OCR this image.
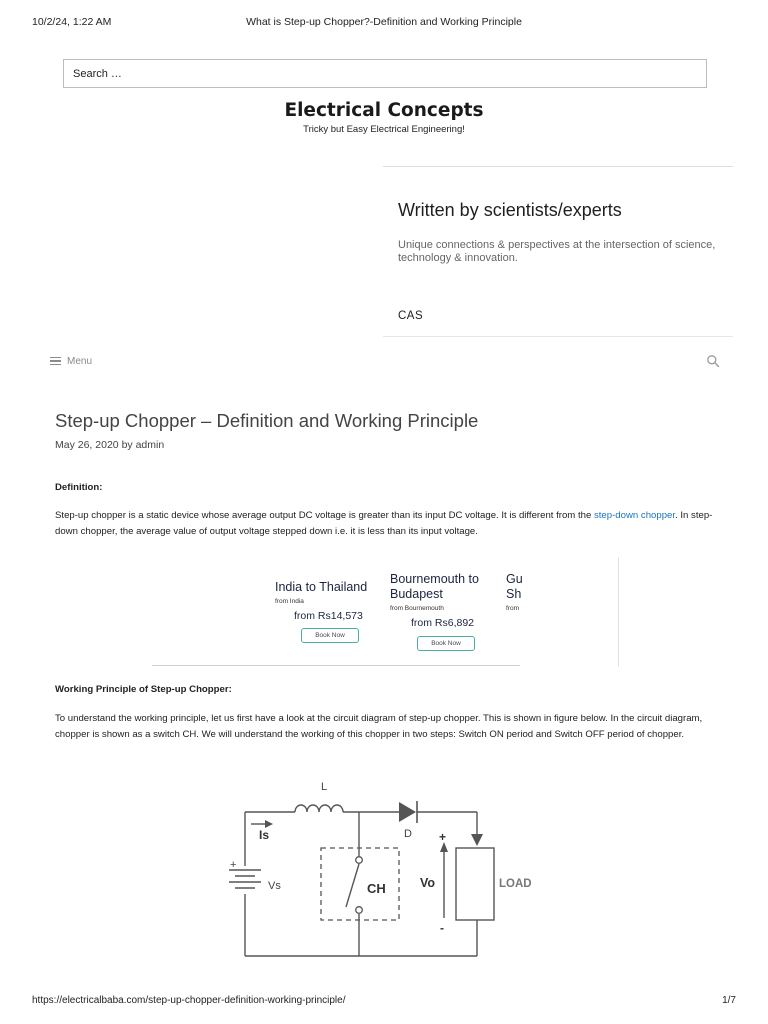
10/2/24, 1:22 AM	What is Step-up Chopper?-Definition and Working Principle
Search …
Electrical Concepts
Tricky but Easy Electrical Engineering!
Written by scientists/experts
Unique connections & perspectives at the intersection of science, technology & innovation.
CAS
Menu
Step-up Chopper – Definition and Working Principle
May 26, 2020 by admin
Definition:
Step-up chopper is a static device whose average output DC voltage is greater than its input DC voltage. It is different from the step-down chopper. In step-down chopper, the average value of output voltage stepped down i.e. it is less than its input voltage.
India to Thailand
from India
from Rs14,573
Book Now
Bournemouth to
Budapest
from Bournemouth
from Rs6,892
Book Now
Gu
Sh
from
Working Principle of Step-up Chopper:
To understand the working principle, let us first have a look at the circuit diagram of step-up chopper. This is shown in figure below. In the circuit diagram, chopper is shown as a switch CH. We will understand the working of this chopper in two steps: Switch ON period and Switch OFF period of chopper.
L
Is	D
+
Vs	CH
+
Vo
-
LOAD
https://electricalbaba.com/step-up-chopper-definition-working-principle/	1/7
